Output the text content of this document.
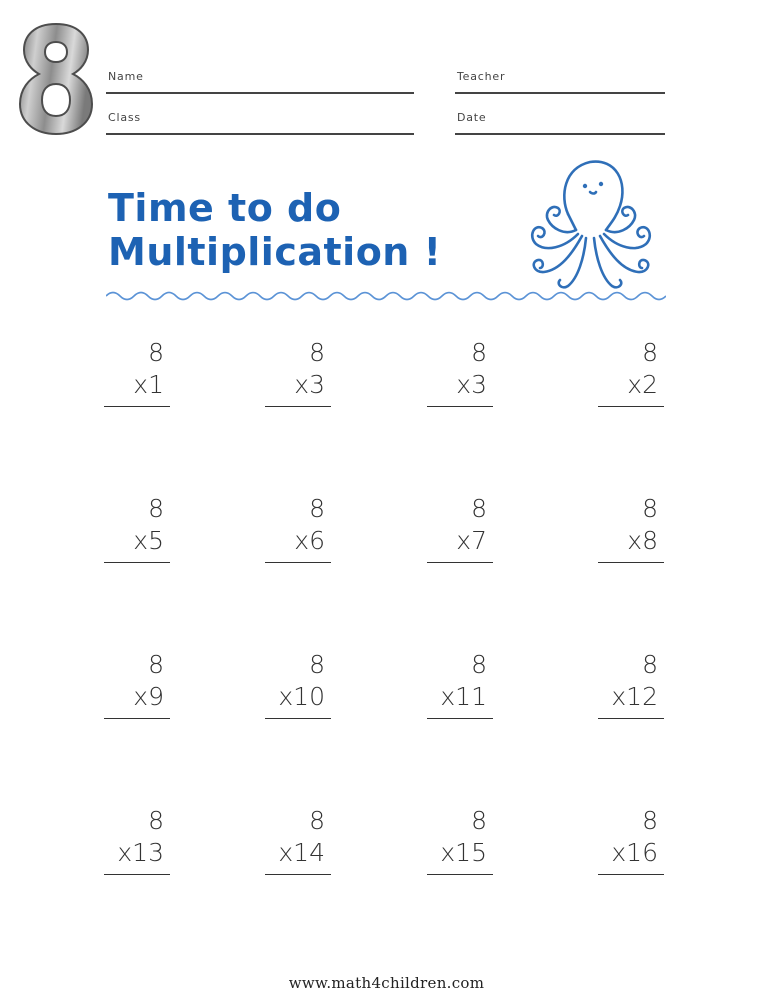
Name	Teacher
Class	Date
Time to do
Multiplication !
8
x1
8
x3
8
x3
8
x2
8
x5
8
x6
8
x7
8
x8
8
x9
8
x10
8
x11
8
x12
8
x13
8
x14
8
x15
8
x16
www.math4children.com
